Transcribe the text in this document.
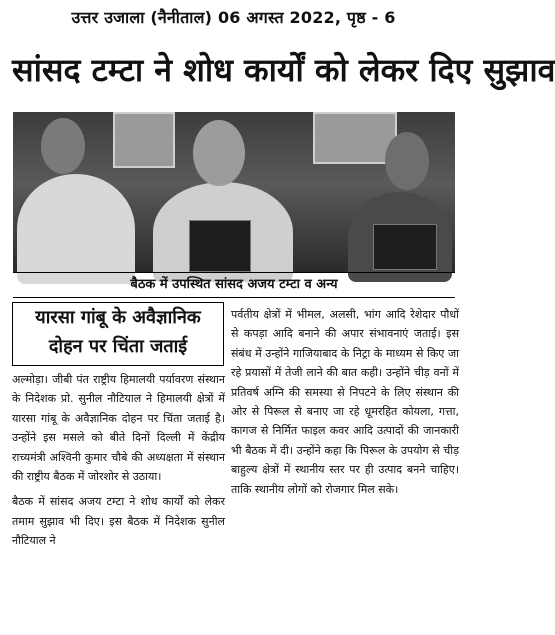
उत्तर उजाला (नैनीताल) 06 अगस्त 2022, पृष्ठ - 6
सांसद टम्टा ने शोध कार्यों को लेकर दिए सुझाव
बैठक में उपस्थित सांसद अजय टम्टा व अन्य
यारसा गांबू के अवैज्ञानिक
दोहन पर चिंता जताई

अल्मोड़ा। जीबी पंत राष्ट्रीय हिमालयी पर्यावरण संस्थान के निदेशक प्रो. सुनील नौटियाल ने हिमालयी क्षेत्रों में यारसा गांबू के अवैज्ञानिक दोहन पर चिंता जताई है। उन्होंने इस मसले को बीते दिनों दिल्ली में केंद्रीय राच्यमंत्री अश्विनी कुमार चौबे की अध्यक्षता में संस्थान की राष्ट्रीय बैठक में जोरशोर से उठाया।

बैठक में सांसद अजय टम्टा ने शोध कार्यों को लेकर तमाम सुझाव भी दिए। इस बैठक में निदेशक सुनील नौटियाल ने

पर्वतीय क्षेत्रों में भीमल, अलसी, भांग आदि रेशेदार पौधों से कपड़ा आदि बनाने की अपार संभावनाएं जताई। इस संबंध में उन्होंने गाजियाबाद के निट्रा के माध्यम से किए जा रहे प्रयासों में तेजी लाने की बात कही। उन्होंने चीड़ वनों में प्रतिवर्ष अग्नि की समस्या से निपटने के लिए संस्थान की ओर से पिरूल से बनाए जा रहे धूमरहित कोयला, गत्ता, कागज से निर्मित फाइल कवर आदि उत्पादों की जानकारी भी बैठक में दी। उन्होंने कहा कि पिरूल के उपयोग से चीड़ बाहुल्य क्षेत्रों में स्थानीय स्तर पर ही उत्पाद बनने चाहिए। ताकि स्थानीय लोगों को रोजगार मिल सके।
